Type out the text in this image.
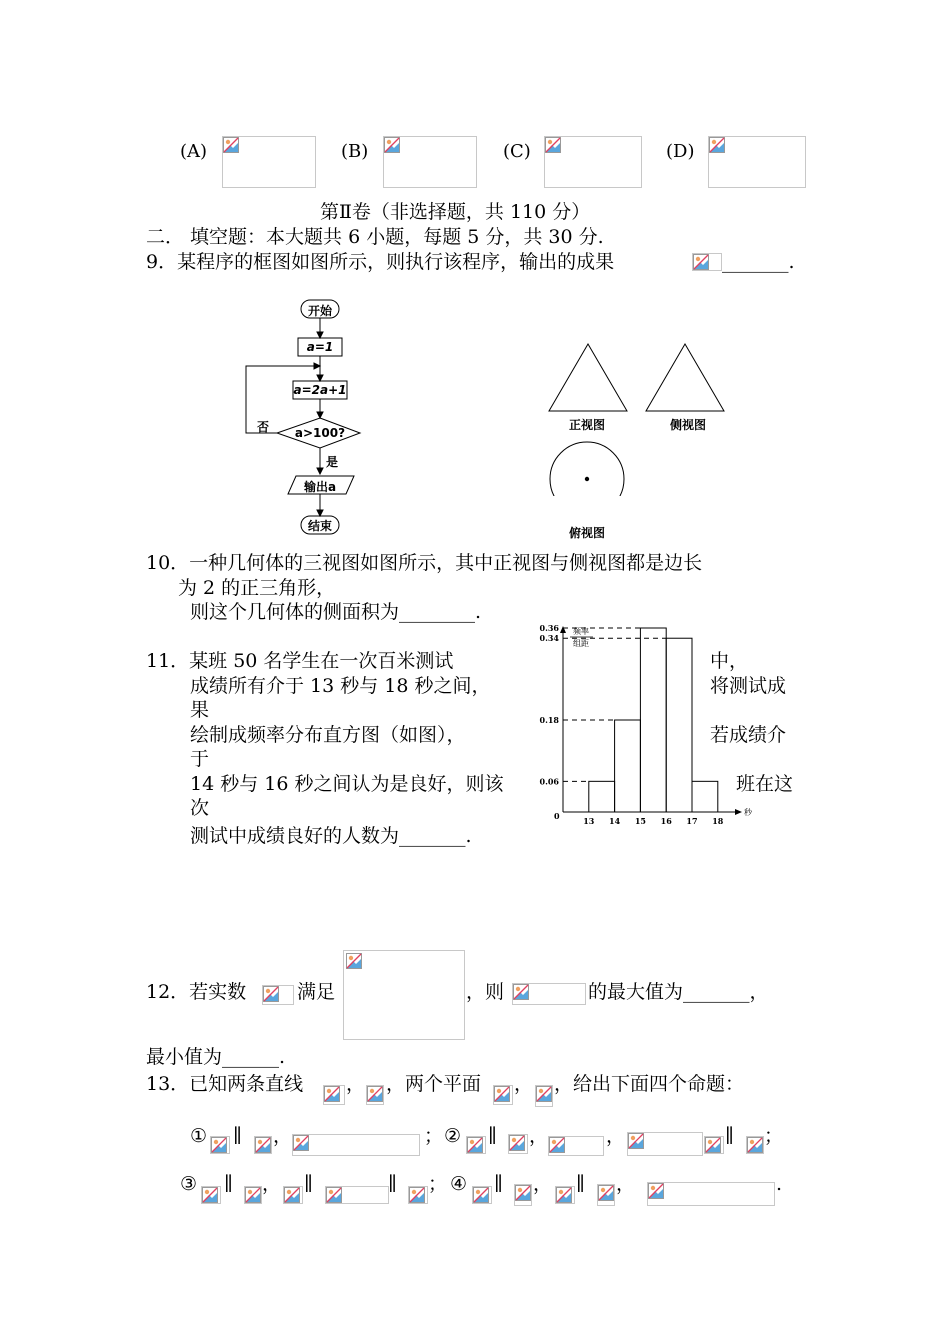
(A)	(B)	(C)	(D)
第Ⅱ卷（非选择题，共 110 分）
二． 填空题：本大题共 6 小题，每题 5 分，共 30 分.
9．某程序的框图如图所示，则执行该程序，输出的成果	_______.
开始
a=1
a=2a+1
a>100?
否
是
输出a
结束
正视图	侧视图
俯视图
10．一种几何体的三视图如图所示，其中正视图与侧视图都是边长
为 2 的正三角形，
则这个几何体的侧面积为________.
11．某班 50 名学生在一次百米测试	中，
成绩所有介于 13 秒与 18 秒之间，	将测试成
果
绘制成频率分布直方图（如图），	若成绩介
于
14 秒与 16 秒之间认为是良好，则该	班在这
次
测试中成绩良好的人数为_______.
0.36
0.34
0.18
0.06
0	13 14 15 16 17 18
秒
频率
组距
12．若实数	满足	，则	的最大值为_______，
最小值为______.
13．已知两条直线 ， ，两个平面 ， ，给出下面四个命题：
① ∥ ，	； ② ∥ ，	，	∥ ；
③ ∥ ， ∥	∥ ； ④ ∥ ， ∥ ，	.
